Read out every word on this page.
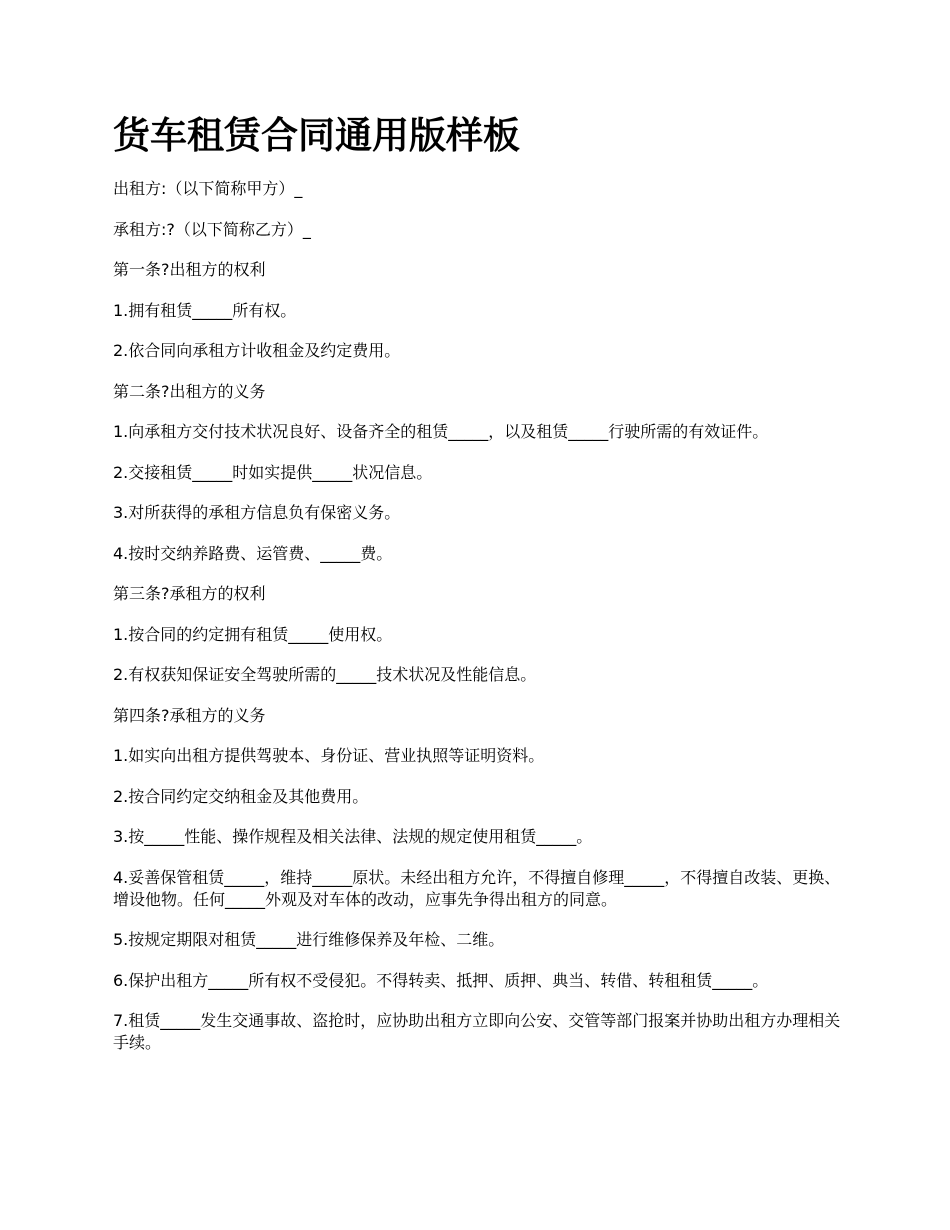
货车租赁合同通用版样板

出租方:（以下简称甲方）_

承租方:?（以下简称乙方）_

第一条?出租方的权利

1.拥有租赁_____所有权。

2.依合同向承租方计收租金及约定费用。

第二条?出租方的义务

1.向承租方交付技术状况良好、设备齐全的租赁_____，以及租赁_____行驶所需的有效证件。

2.交接租赁_____时如实提供_____状况信息。

3.对所获得的承租方信息负有保密义务。

4.按时交纳养路费、运管费、_____费。

第三条?承租方的权利

1.按合同的约定拥有租赁_____使用权。

2.有权获知保证安全驾驶所需的_____技术状况及性能信息。

第四条?承租方的义务

1.如实向出租方提供驾驶本、身份证、营业执照等证明资料。

2.按合同约定交纳租金及其他费用。

3.按_____性能、操作规程及相关法律、法规的规定使用租赁_____。

4.妥善保管租赁_____，维持_____原状。未经出租方允许，不得擅自修理_____，不得擅自改装、更换、增设他物。任何_____外观及对车体的改动，应事先争得出租方的同意。

5.按规定期限对租赁_____进行维修保养及年检、二维。

6.保护出租方_____所有权不受侵犯。不得转卖、抵押、质押、典当、转借、转租租赁_____。

7.租赁_____发生交通事故、盗抢时，应协助出租方立即向公安、交管等部门报案并协助出租方办理相关手续。
